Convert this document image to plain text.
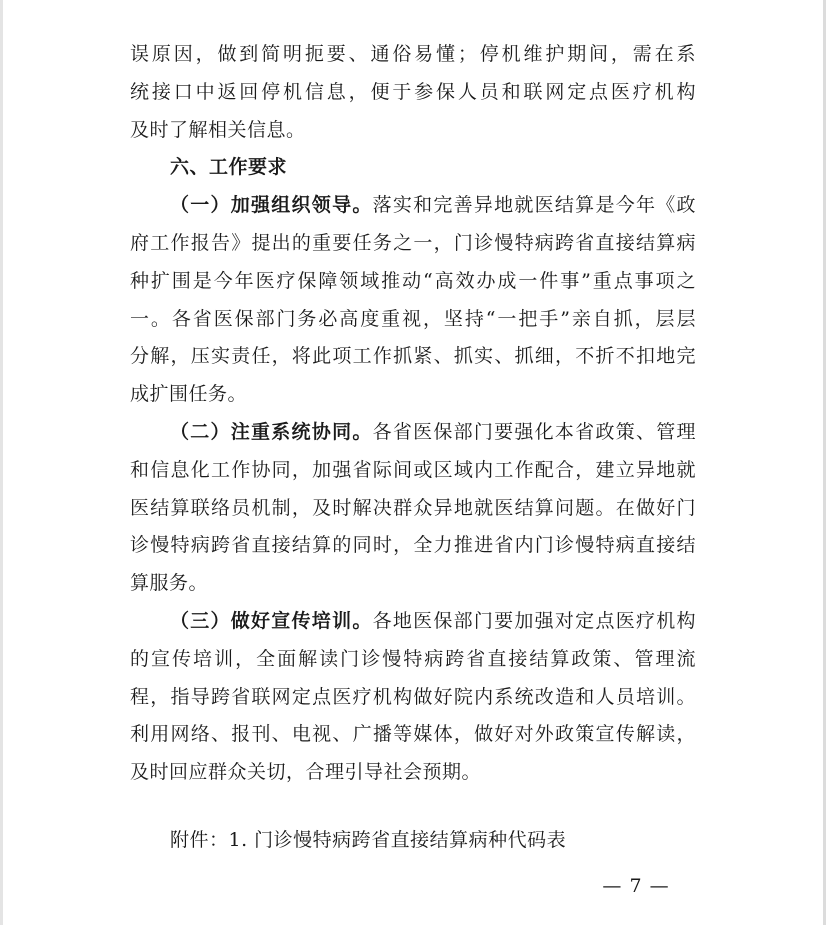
误原因，做到简明扼要、通俗易懂；停机维护期间，需在系
统接口中返回停机信息，便于参保人员和联网定点医疗机构
及时了解相关信息。
六、工作要求
（一）加强组织领导。落实和完善异地就医结算是今年《政
府工作报告》提出的重要任务之一，门诊慢特病跨省直接结算病
种扩围是今年医疗保障领域推动“高效办成一件事”重点事项之
一。各省医保部门务必高度重视，坚持“一把手”亲自抓，层层
分解，压实责任，将此项工作抓紧、抓实、抓细，不折不扣地完
成扩围任务。
（二）注重系统协同。各省医保部门要强化本省政策、管理
和信息化工作协同，加强省际间或区域内工作配合，建立异地就
医结算联络员机制，及时解决群众异地就医结算问题。在做好门
诊慢特病跨省直接结算的同时，全力推进省内门诊慢特病直接结
算服务。
（三）做好宣传培训。各地医保部门要加强对定点医疗机构
的宣传培训，全面解读门诊慢特病跨省直接结算政策、管理流
程，指导跨省联网定点医疗机构做好院内系统改造和人员培训。
利用网络、报刊、电视、广播等媒体，做好对外政策宣传解读，
及时回应群众关切，合理引导社会预期。
附件：1. 门诊慢特病跨省直接结算病种代码表
— 7 —
